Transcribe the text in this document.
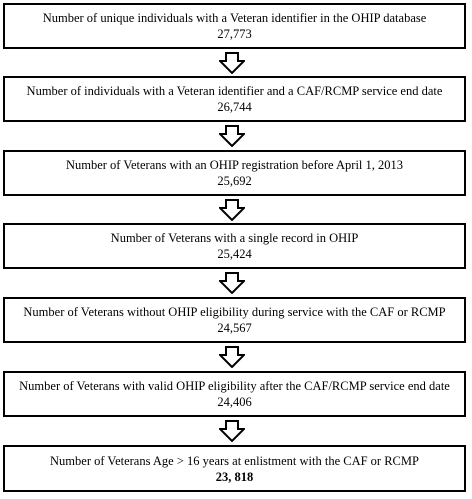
Number of unique individuals with a Veteran identifier in the OHIP database
27,773
Number of individuals with a Veteran identifier and a CAF/RCMP service end date
26,744
Number of Veterans with an OHIP registration before April 1, 2013
25,692
Number of Veterans with a single record in OHIP
25,424
Number of Veterans without OHIP eligibility during service with the CAF or RCMP
24,567
Number of Veterans with valid OHIP eligibility after the CAF/RCMP service end date
24,406
Number of Veterans Age > 16 years at enlistment with the CAF or RCMP
23, 818
